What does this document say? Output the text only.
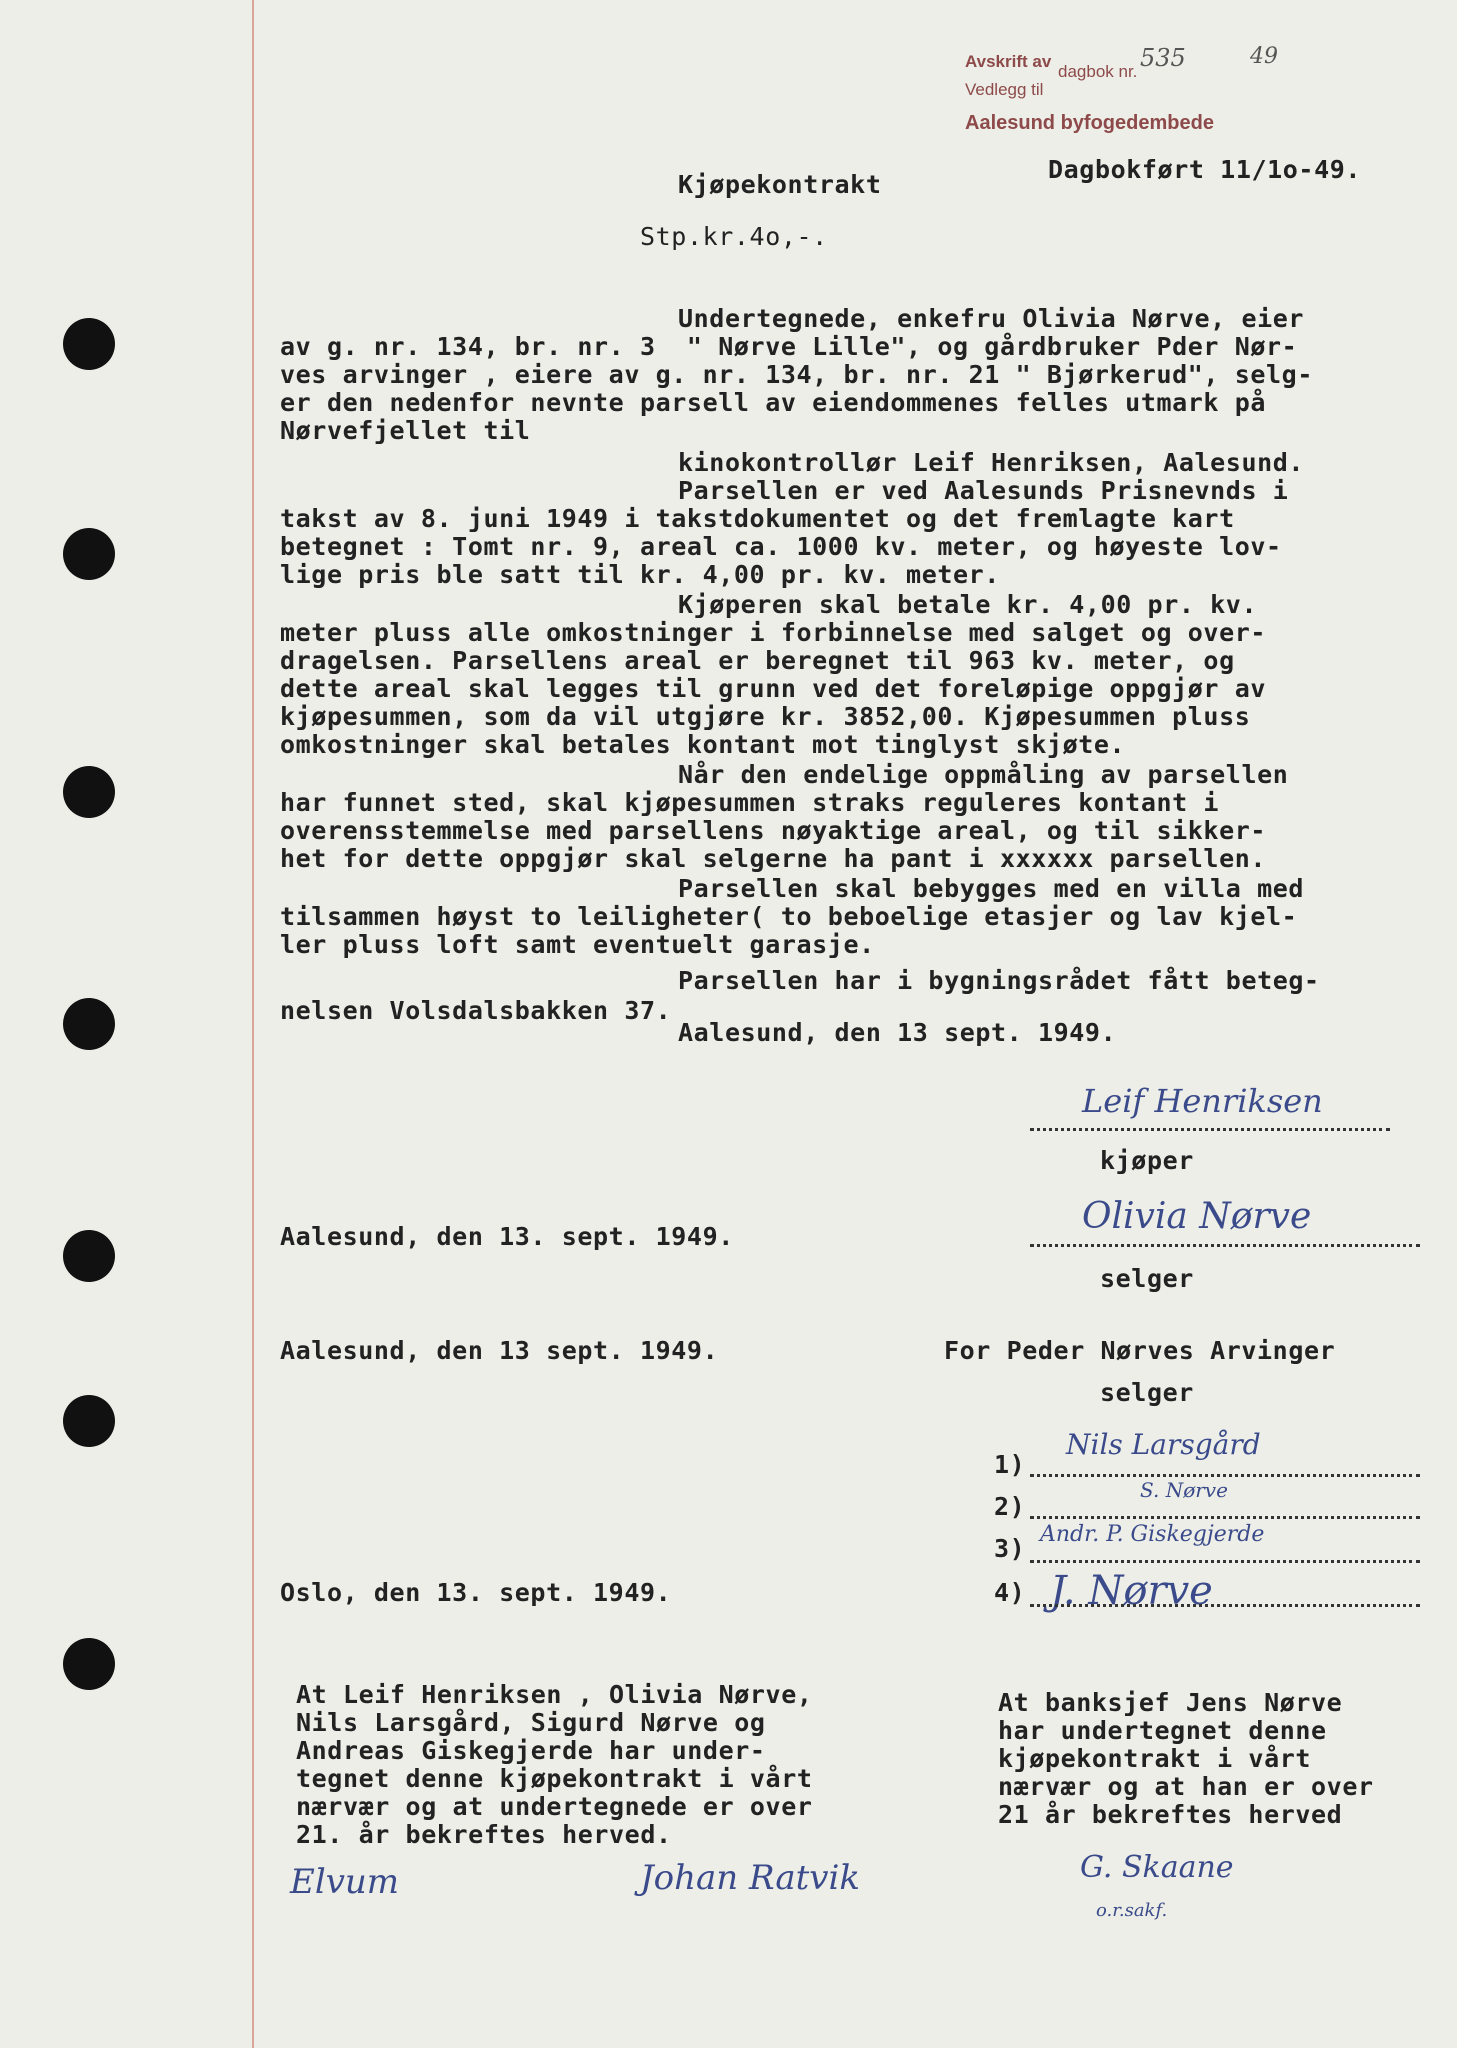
Avskrift av
dagbok nr. 535	49
Vedlegg til
Aalesund byfogedembede
Dagbokført 11/1o-49.
Kjøpekontrakt
Stp.kr.4o,-.
Undertegnede, enkefru Olivia Nørve, eier
av g. nr. 134, br. nr. 3  " Nørve Lille", og gårdbruker Pder Nør-
ves arvinger , eiere av g. nr. 134, br. nr. 21 " Bjørkerud", selg-
er den nedenfor nevnte parsell av eiendommenes felles utmark på
Nørvefjellet til
kinokontrollør Leif Henriksen, Aalesund.
Parsellen er ved Aalesunds Prisnevnds i
takst av 8. juni 1949 i takstdokumentet og det fremlagte kart
betegnet : Tomt nr. 9, areal ca. 1000 kv. meter, og høyeste lov-
lige pris ble satt til kr. 4,00 pr. kv. meter.
Kjøperen skal betale kr. 4,00 pr. kv.
meter pluss alle omkostninger i forbinnelse med salget og over-
dragelsen. Parsellens areal er beregnet til 963 kv. meter, og
dette areal skal legges til grunn ved det foreløpige oppgjør av
kjøpesummen, som da vil utgjøre kr. 3852,00. Kjøpesummen pluss
omkostninger skal betales kontant mot tinglyst skjøte.
Når den endelige oppmåling av parsellen
har funnet sted, skal kjøpesummen straks reguleres kontant i
overensstemmelse med parsellens nøyaktige areal, og til sikker-
het for dette oppgjør skal selgerne ha pant i xxxxxx parsellen.
Parsellen skal bebygges med en villa med
tilsammen høyst to leiligheter( to beboelige etasjer og lav kjel-
ler pluss loft samt eventuelt garasje.
Parsellen har i bygningsrådet fått beteg-
nelsen Volsdalsbakken 37.
Aalesund, den 13 sept. 1949.
Leif Henriksen
kjøper
Aalesund, den 13. sept. 1949.	Olivia Nørve
selger
Aalesund, den 13 sept. 1949.	For Peder Nørves Arvinger
selger
1)
Nils Larsgård
2)
S. Nørve
3) Andr. P. Giskegjerde
4) J. Nørve
Oslo, den 13. sept. 1949.
At Leif Henriksen , Olivia Nørve,
Nils Larsgård, Sigurd Nørve og
Andreas Giskegjerde har under-
tegnet denne kjøpekontrakt i vårt
nærvær og at undertegnede er over
21. år bekreftes herved.
At banksjef Jens Nørve
har undertegnet denne
kjøpekontrakt i vårt
nærvær og at han er over
21 år bekreftes herved
Elvum	Johan Ratvik	G. Skaane
o.r.sakf.
